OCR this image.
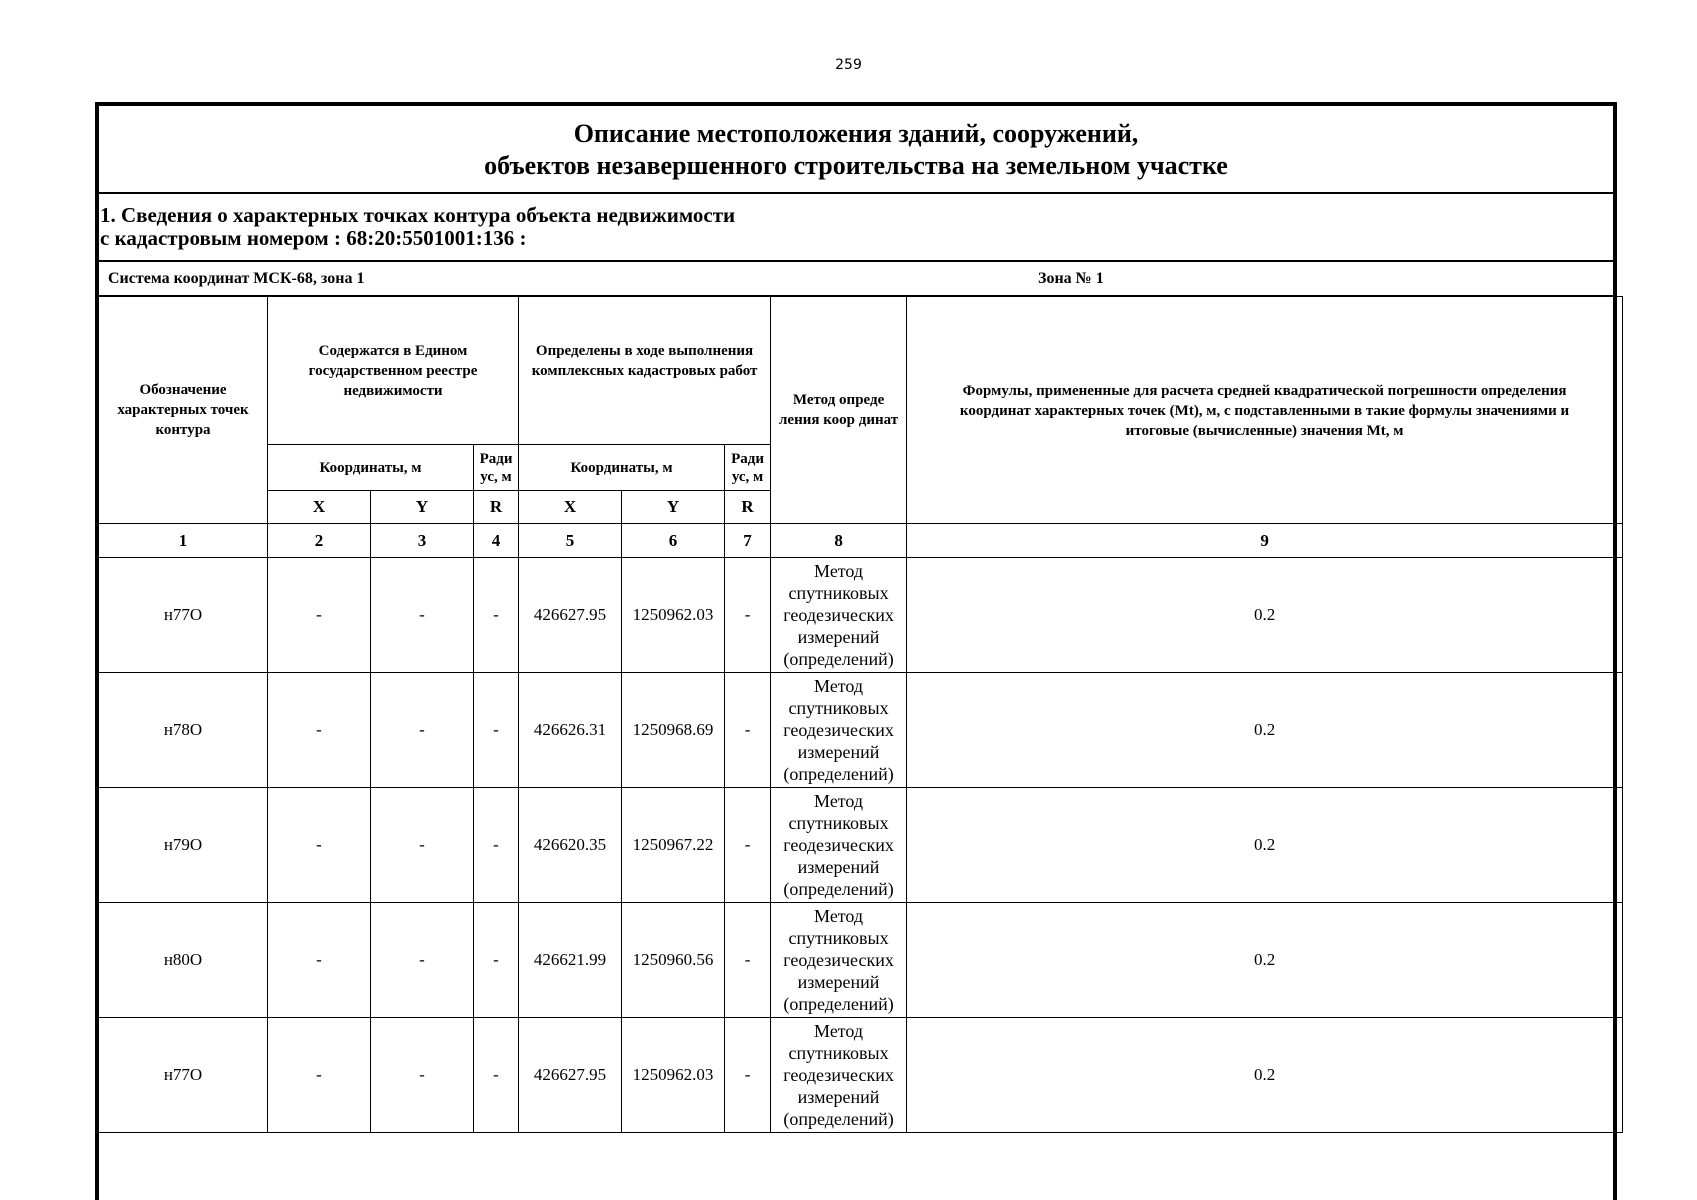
259
Описание местоположения зданий, сооружений,
объектов незавершенного строительства на земельном участке
1. Сведения о характерных точках контура объекта недвижимости
с кадастровым номером : 68:20:5501001:136 :
Система координат МСК-68, зона 1	Зона № 1
Обозначение характерных точек контура	Содержатся в Едином государственном реестре недвижимости			Определены в ходе выполнения комплексных кадастровых работ			Метод опреде ления коор динат	Формулы, примененные для расчета средней квадратической погрешности определения координат характерных точек (Mt), м, с подставленными в такие формулы значениями и итоговые (вычисленные) значения Mt, м
	Координаты, м		Ради ус, м	Координаты, м		Ради ус, м		
	X	Y	R	X	Y	R		
1	2	3	4	5	6	7	8	9
н77О	-	-	-	426627.95	1250962.03	-	Метод спутниковых геодезических измерений (определений)	0.2
н78О	-	-	-	426626.31	1250968.69	-	Метод спутниковых геодезических измерений (определений)	0.2
н79О	-	-	-	426620.35	1250967.22	-	Метод спутниковых геодезических измерений (определений)	0.2
н80О	-	-	-	426621.99	1250960.56	-	Метод спутниковых геодезических измерений (определений)	0.2
н77О	-	-	-	426627.95	1250962.03	-	Метод спутниковых геодезических измерений (определений)	0.2
